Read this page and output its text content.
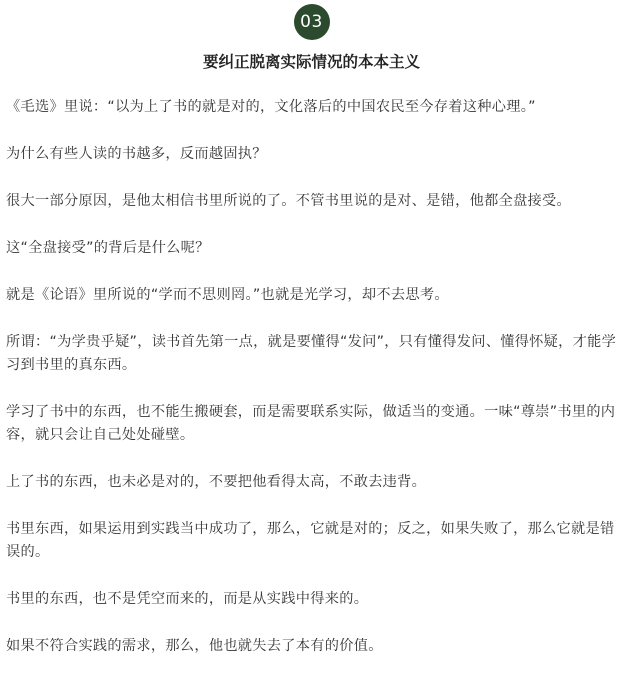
03
要纠正脱离实际情况的本本主义

《毛选》里说：“以为上了书的就是对的，文化落后的中国农民至今存着这种心理。”

为什么有些人读的书越多，反而越固执？

很大一部分原因，是他太相信书里所说的了。不管书里说的是对、是错，他都全盘接受。

这“全盘接受”的背后是什么呢？

就是《论语》里所说的“学而不思则罔。”也就是光学习，却不去思考。

所谓：“为学贵乎疑”，读书首先第一点，就是要懂得“发问”，只有懂得发问、懂得怀疑，才能学习到书里的真东西。

学习了书中的东西，也不能生搬硬套，而是需要联系实际，做适当的变通。一味“尊崇”书里的内容，就只会让自己处处碰壁。

上了书的东西，也未必是对的，不要把他看得太高，不敢去违背。

书里东西，如果运用到实践当中成功了，那么，它就是对的；反之，如果失败了，那么它就是错误的。

书里的东西，也不是凭空而来的，而是从实践中得来的。

如果不符合实践的需求，那么，他也就失去了本有的价值。
